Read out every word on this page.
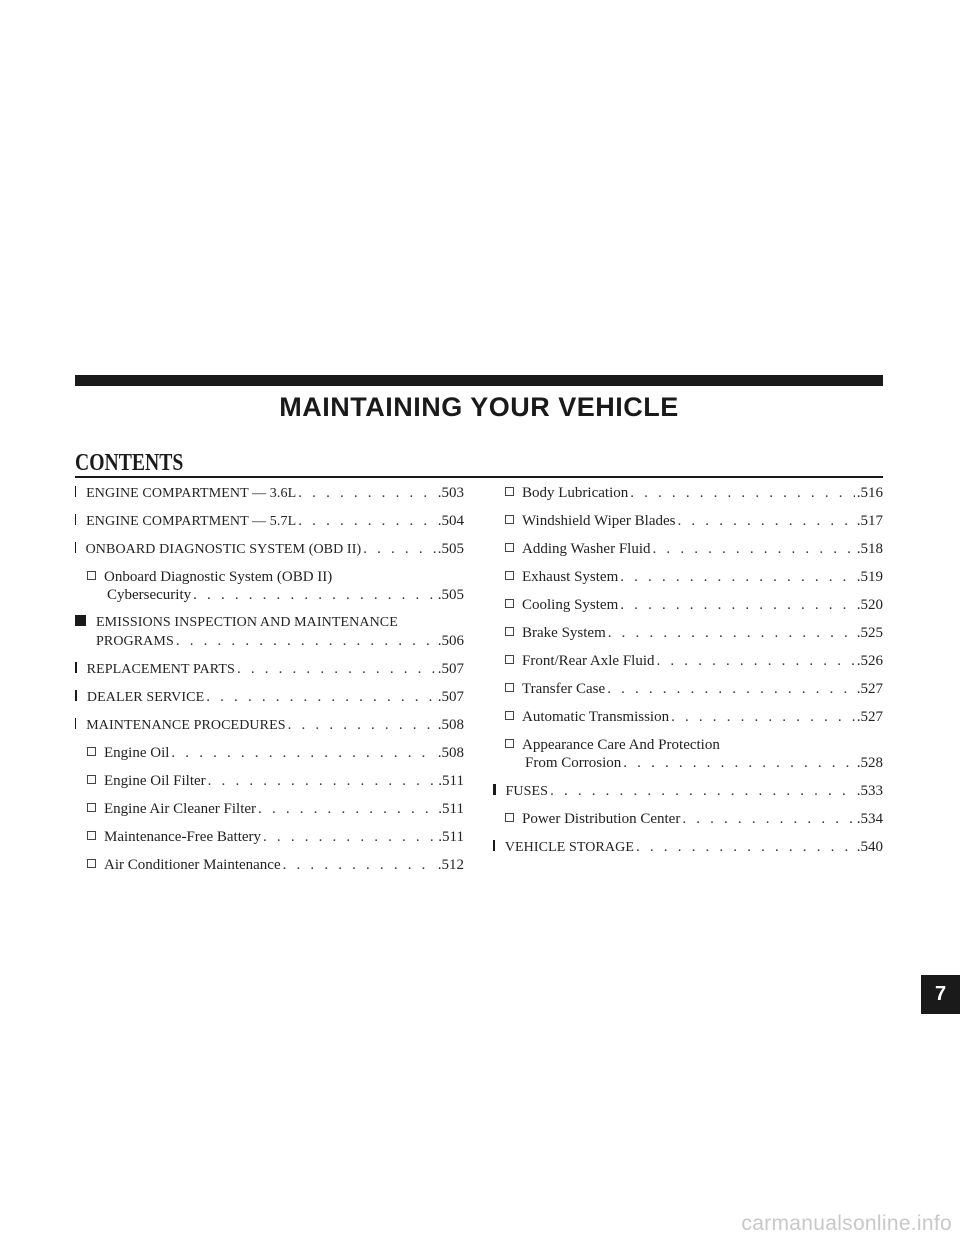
MAINTAINING YOUR VEHICLE
CONTENTS
ENGINE COMPARTMENT — 3.6L . . .	.503
ENGINE COMPARTMENT — 5.7L . . .	.504
ONBOARD DIAGNOSTIC SYSTEM (OBD II) . . .	.505
Onboard Diagnostic System (OBD II)
Cybersecurity . . .	.505
EMISSIONS INSPECTION AND MAINTENANCE
PROGRAMS . . .	.506
REPLACEMENT PARTS . . .	.507
DEALER SERVICE . . .	.507
MAINTENANCE PROCEDURES . . .	.508
Engine Oil . . .	.508
Engine Oil Filter . . .	.511
Engine Air Cleaner Filter . . .	.511
Maintenance-Free Battery . . .	.511
Air Conditioner Maintenance . . .	.512
Body Lubrication . . .	.516
Windshield Wiper Blades . . .	.517
Adding Washer Fluid . . .	.518
Exhaust System . . .	.519
Cooling System . . .	.520
Brake System . . .	.525
Front/Rear Axle Fluid . . .	.526
Transfer Case . . .	.527
Automatic Transmission . . .	.527
Appearance Care And Protection
From Corrosion . . .	.528
FUSES . . .	.533
Power Distribution Center . . .	.534
VEHICLE STORAGE . . .	.540
7
carmanualsonline.info
